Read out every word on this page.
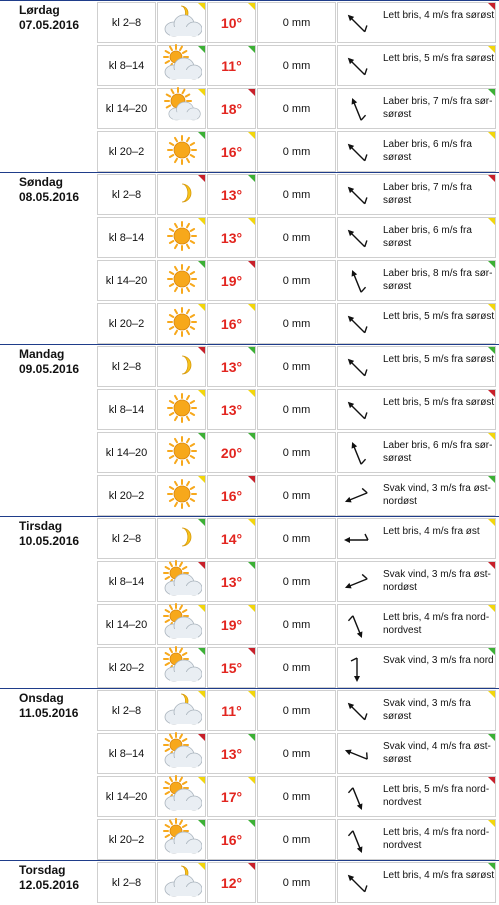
Lørdag
07.05.2016	kl 2–8	10°	0 mm
Lett bris, 4 m/s fra sørøst
kl 8–14	11°	0 mm
Lett bris, 5 m/s fra sørøst
kl 14–20	18°	0 mm
Laber bris, 7 m/s fra sør-sørøst
kl 20–2	16°	0 mm
Laber bris, 6 m/s fra sørøst
Søndag
08.05.2016	kl 2–8	13°	0 mm
Laber bris, 7 m/s fra sørøst
kl 8–14	13°	0 mm
Laber bris, 6 m/s fra sørøst
kl 14–20	19°	0 mm
Laber bris, 8 m/s fra sør-sørøst
kl 20–2	16°	0 mm
Lett bris, 5 m/s fra sørøst
Mandag
09.05.2016	kl 2–8	13°	0 mm
Lett bris, 5 m/s fra sørøst
kl 8–14	13°	0 mm
Lett bris, 5 m/s fra sørøst
kl 14–20	20°	0 mm
Laber bris, 6 m/s fra sør-sørøst
kl 20–2	16°	0 mm
Svak vind, 3 m/s fra øst-nordøst
Tirsdag
10.05.2016	kl 2–8	14°	0 mm
Lett bris, 4 m/s fra øst
kl 8–14	13°	0 mm
Svak vind, 3 m/s fra øst-nordøst
kl 14–20	19°	0 mm
Lett bris, 4 m/s fra nord-nordvest
kl 20–2	15°	0 mm
Svak vind, 3 m/s fra nord
Onsdag
11.05.2016	kl 2–8	11°	0 mm
Svak vind, 3 m/s fra sørøst
kl 8–14	13°	0 mm
Svak vind, 4 m/s fra øst-sørøst
kl 14–20	17°	0 mm
Lett bris, 5 m/s fra nord-nordvest
kl 20–2	16°	0 mm
Lett bris, 4 m/s fra nord-nordvest
Torsdag
12.05.2016	kl 2–8	12°	0 mm
Lett bris, 4 m/s fra sørøst
